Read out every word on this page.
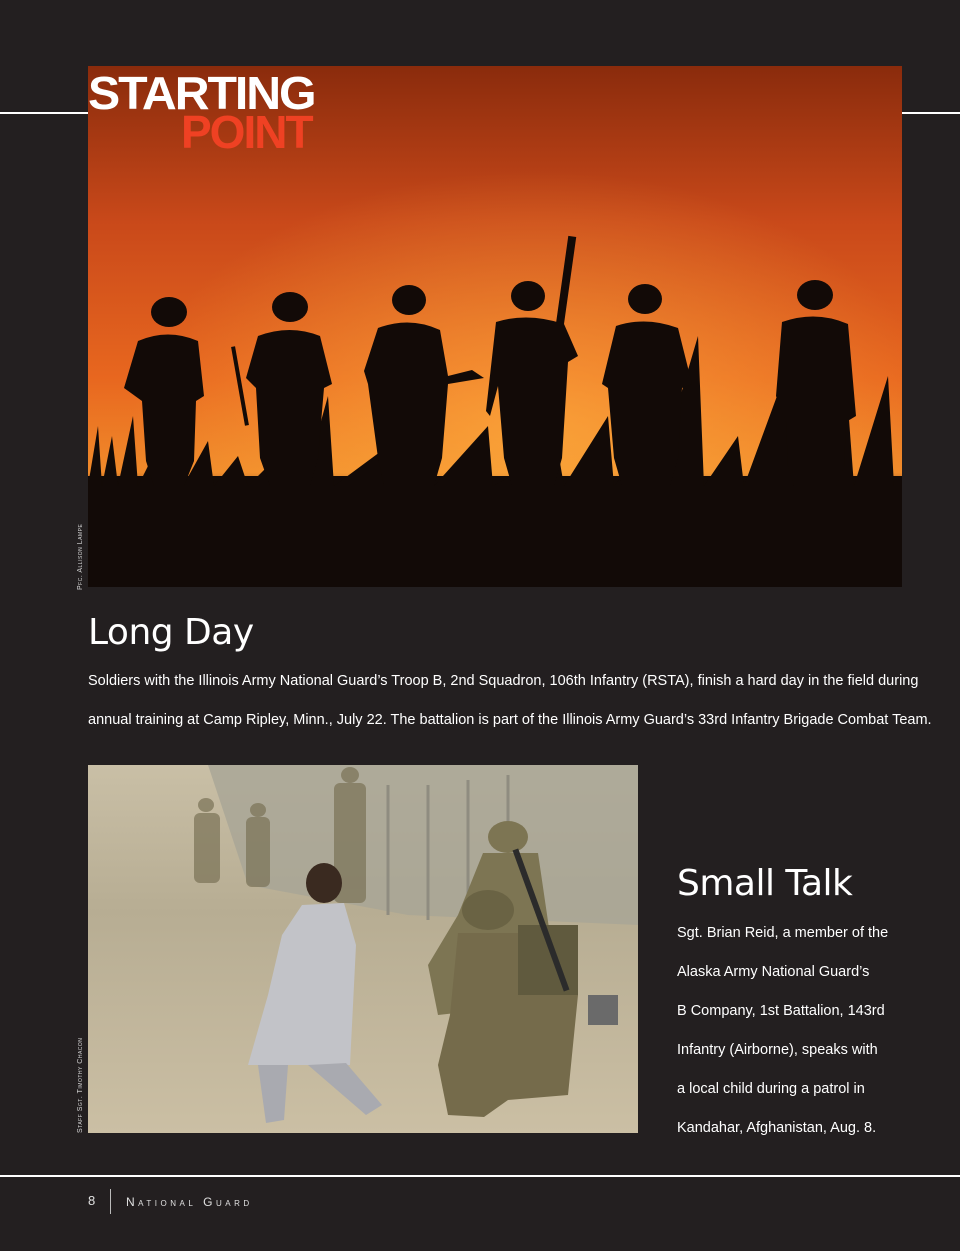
STARTING
POINT
Pfc. Allison Lampe
Long Day
Soldiers with the Illinois Army National Guard’s Troop B, 2nd Squadron, 106th Infantry (RSTA), finish a hard day in the field during
annual training at Camp Ripley, Minn., July 22. The battalion is part of the Illinois Army Guard’s 33rd Infantry Brigade Combat Team.
Staff Sgt. Timothy Chacon
Small Talk
Sgt. Brian Reid, a member of the
Alaska Army National Guard’s
B Company, 1st Battalion, 143rd
Infantry (Airborne), speaks with
a local child during a patrol in
Kandahar, Afghanistan, Aug. 8.
8	National Guard
